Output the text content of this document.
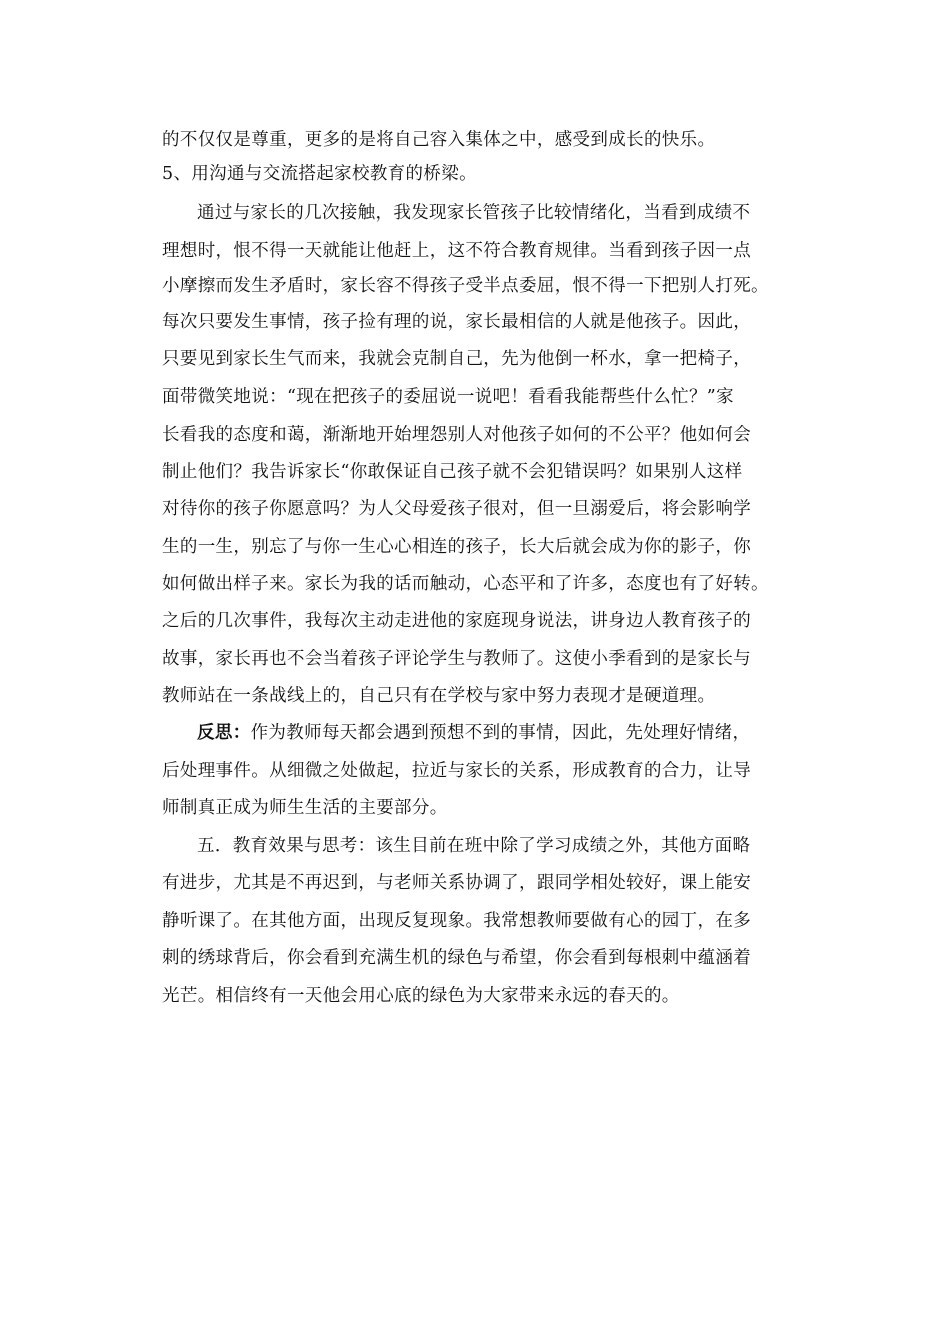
的不仅仅是尊重，更多的是将自己容入集体之中，感受到成长的快乐。
5、用沟通与交流搭起家校教育的桥梁。
通过与家长的几次接触，我发现家长管孩子比较情绪化，当看到成绩不
理想时，恨不得一天就能让他赶上，这不符合教育规律。当看到孩子因一点
小摩擦而发生矛盾时，家长容不得孩子受半点委屈，恨不得一下把别人打死。
每次只要发生事情，孩子捡有理的说，家长最相信的人就是他孩子。因此，
只要见到家长生气而来，我就会克制自己，先为他倒一杯水，拿一把椅子，
面带微笑地说：“现在把孩子的委屈说一说吧！看看我能帮些什么忙？”家
长看我的态度和蔼，渐渐地开始埋怨别人对他孩子如何的不公平？他如何会
制止他们？我告诉家长“你敢保证自己孩子就不会犯错误吗？如果别人这样
对待你的孩子你愿意吗？为人父母爱孩子很对，但一旦溺爱后，将会影响学
生的一生，别忘了与你一生心心相连的孩子，长大后就会成为你的影子，你
如何做出样子来。家长为我的话而触动，心态平和了许多，态度也有了好转。
之后的几次事件，我每次主动走进他的家庭现身说法，讲身边人教育孩子的
故事，家长再也不会当着孩子评论学生与教师了。这使小季看到的是家长与
教师站在一条战线上的，自己只有在学校与家中努力表现才是硬道理。
反思：作为教师每天都会遇到预想不到的事情，因此，先处理好情绪，
后处理事件。从细微之处做起，拉近与家长的关系，形成教育的合力，让导
师制真正成为师生生活的主要部分。
五．教育效果与思考：该生目前在班中除了学习成绩之外，其他方面略
有进步，尤其是不再迟到，与老师关系协调了，跟同学相处较好，课上能安
静听课了。在其他方面，出现反复现象。我常想教师要做有心的园丁，在多
刺的绣球背后，你会看到充满生机的绿色与希望，你会看到每根刺中蕴涵着
光芒。相信终有一天他会用心底的绿色为大家带来永远的春天的。
